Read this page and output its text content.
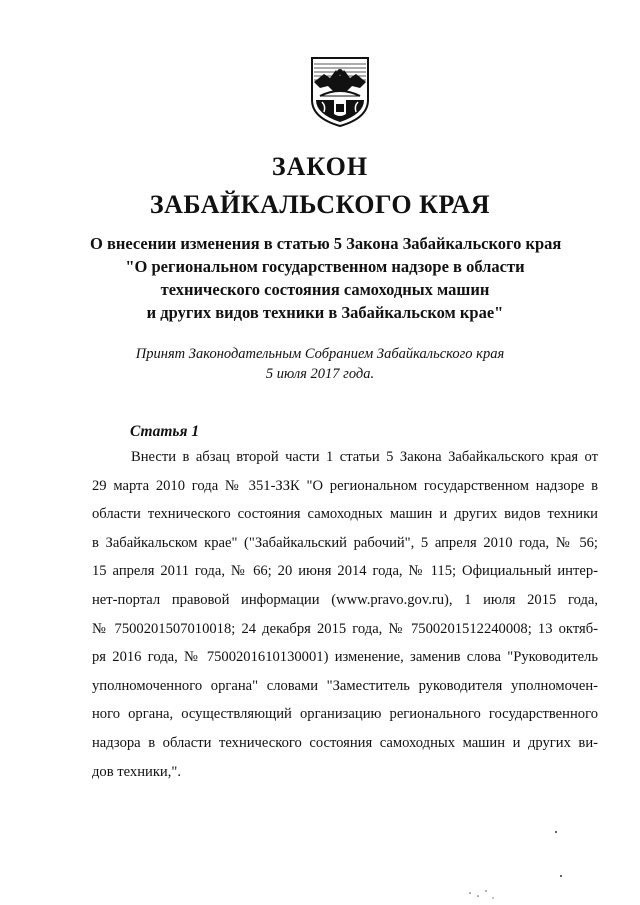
ЗАКОН
ЗАБАЙКАЛЬСКОГО КРАЯ
О внесении изменения в статью 5 Закона Забайкальского края
"О региональном государственном надзоре в области
технического состояния самоходных машин
и других видов техники в Забайкальском крае"
Принят Законодательным Собранием Забайкальского края
5 июля 2017 года.
Статья 1
Внести в абзац второй части 1 статьи 5 Закона Забайкальского края от
29 марта 2010 года № 351-ЗЗК "О региональном государственном надзоре в
области технического состояния самоходных машин и других видов техники
в Забайкальском крае" ("Забайкальский рабочий", 5 апреля 2010 года, № 56;
15 апреля 2011 года, № 66; 20 июня 2014 года, № 115; Официальный интер-
нет-портал правовой информации (www.pravo.gov.ru), 1 июля 2015 года,
№ 7500201507010018; 24 декабря 2015 года, № 7500201512240008; 13 октяб-
ря 2016 года, № 7500201610130001) изменение, заменив слова "Руководитель
уполномоченного органа" словами "Заместитель руководителя уполномочен-
ного органа, осуществляющий организацию регионального государственного
надзора в области технического состояния самоходных машин и других ви-
дов техники,".
